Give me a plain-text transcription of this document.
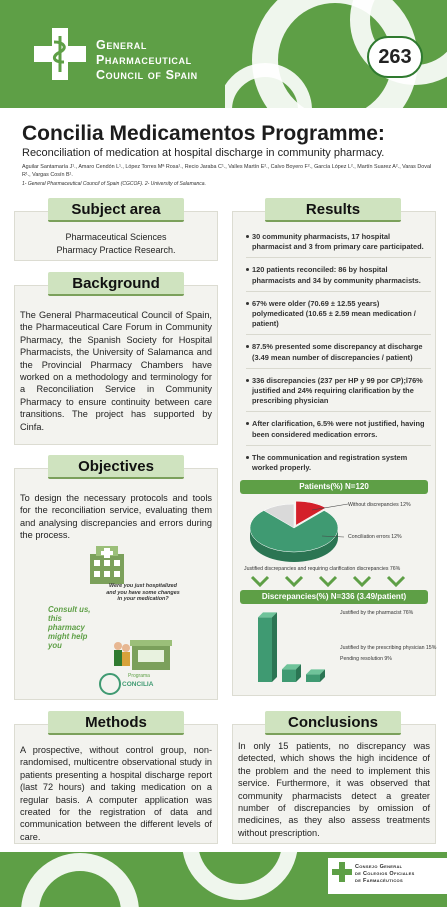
General
Pharmaceutical
Council of Spain
263
Concilia Medicamentos Programme:
Reconciliation of medication at hospital discharge in community pharmacy.
Aguilar Santamaría J¹., Amaro Cendón L¹., López Torres Mª Rosa¹., Recio Jaraba C¹., Valles Martín E²., Calvo Boyero F²., García López L²., Martín Suarez A²., Varas Doval R¹., Vargas Cosín B¹.
1- General Pharmaceutical Council of Spain (CGCOF). 2- University of Salamanca.
Subject area
Pharmaceutical Sciences
Pharmacy Practice Research.
Background
The General Pharmaceutical Council of Spain, the Pharmaceutical Care Forum in Community Pharmacy, the Spanish Society for Hospital Pharmacists, the University of Salamanca and the Provincial Pharmacy Chambers have worked on a methodology and terminology for a Reconciliation Service in Community Pharmacy to ensure continuity between care transitions. The project has supported by Cinfa.
Objectives
To design the necessary protocols and tools for the reconciliation service, evaluating them and analysing discrepancies and errors during the process.
Were you just hospitalized and you have some changes in your medication?
Consult us, this pharmacy might help you
Programa
CONCILIA
Methods
A prospective, without control group, non-randomised, multicentre observational study in patients presenting a hospital discharge report (last 72 hours) and taking medication on a regular basis. A computer application was created for the registration of data and communication between the different levels of care.
Results
30 community pharmacists, 17 hospital pharmacist and 3 from primary care participated.
120 patients reconciled: 86 by hospital pharmacists and 34 by community pharmacists.
67% were older (70.69 ± 12.55 years) polymedicated (10.65 ± 2.59 mean medication / patient)
87.5% presented some discrepancy at discharge (3.49 mean number of discrepancies / patient)
336 discrepancies (237 per HP y 99 por CP);l76% justified and 24% requiring clarification by the prescribing physician
After clarification, 6.5% were not justified, having been considered medication errors.
The communication and registration system worked properly.
Patients(%) N=120
Without discrepancies 12%
Conciliation errors 12%
Justified discrepancies and requiring clarification discrepancies 76%
Discrepancies(%) N=336 (3.49/patient)
Justified by the pharmacist 76%
Justified by the prescribing physician 15%
Pending resolution 9%
Conclusions
In only 15 patients, no discrepancy was detected, which shows the high incidence of the problem and the need to implement this service. Furthermore, it was observed that community pharmacists detect a greater number of discrepancies by omission of medicines, as they also assess treatments without prescription.
Consejo General
de Colegios Oficiales
de Farmacéuticos
